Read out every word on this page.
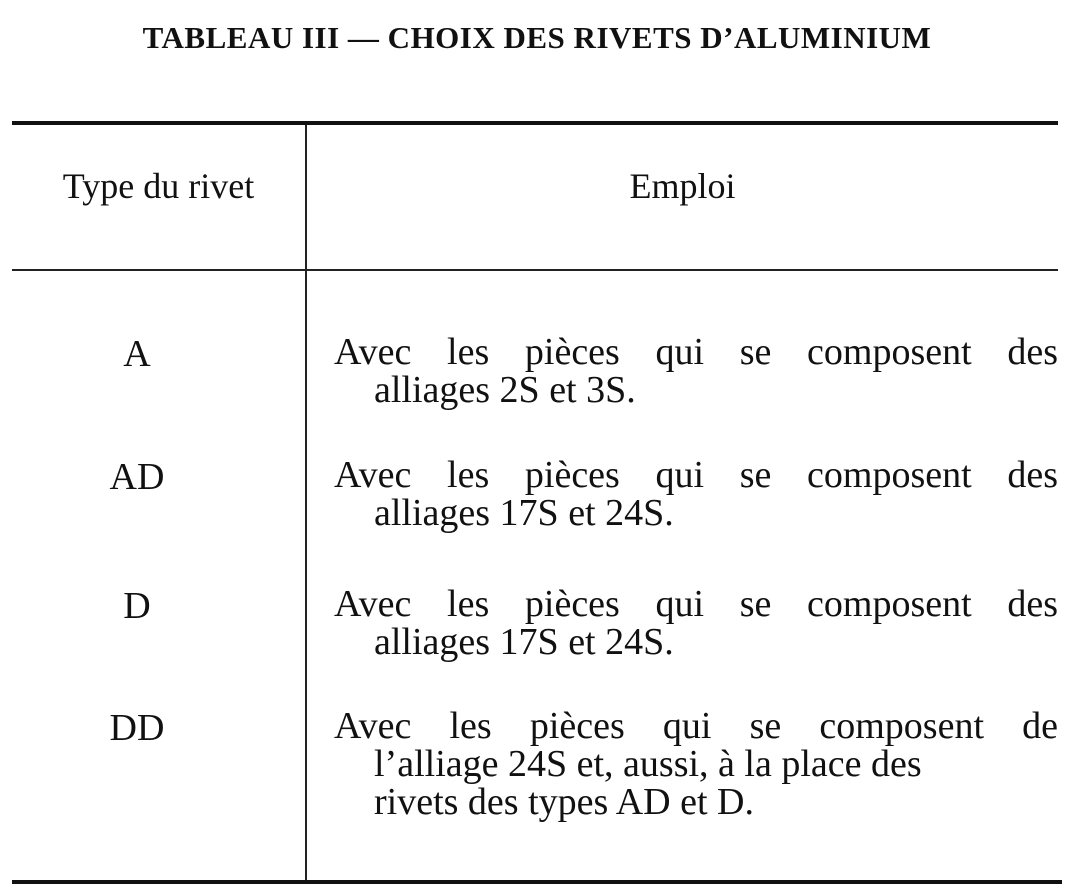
TABLEAU III — CHOIX DES RIVETS D’ALUMINIUM
Type du rivet	Emploi
A	Avec les pièces qui se composent des
alliages 2S et 3S.
AD	Avec les pièces qui se composent des
alliages 17S et 24S.
D	Avec les pièces qui se composent des
alliages 17S et 24S.
DD	Avec les pièces qui se composent de
l’alliage 24S et, aussi, à la place des
rivets des types AD et D.
